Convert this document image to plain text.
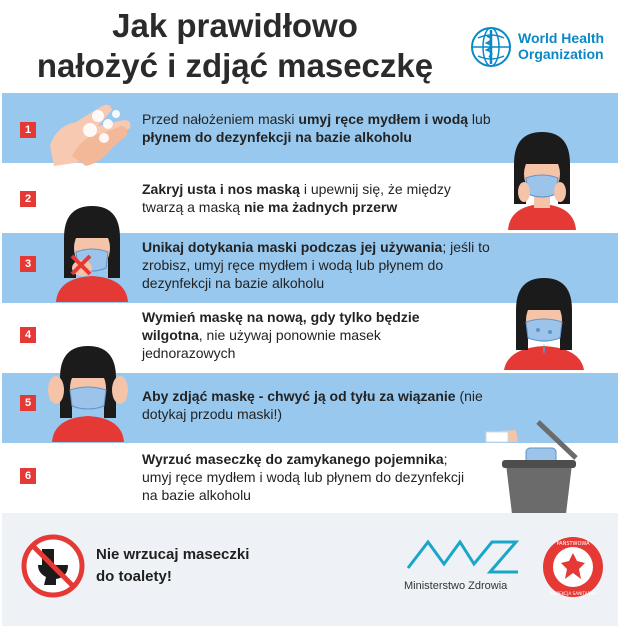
Jak prawidłowo
nałożyć i zdjąć maseczkę
World Health
Organization
1
Przed nałożeniem maski umyj ręce mydłem i wodą lub płynem do dezynfekcji na bazie alkoholu
2
Zakryj usta i nos maską i upewnij się, że między twarzą a maską nie ma żadnych przerw
3
Unikaj dotykania maski podczas jej używania; jeśli to zrobisz, umyj ręce mydłem i wodą lub płynem do dezynfekcji na bazie alkoholu
4
Wymień maskę na nową, gdy tylko będzie wilgotna, nie używaj ponownie masek jednorazowych
5	Aby zdjąć maskę - chwyć ją od tyłu za wiązanie (nie dotykaj przodu maski!)
6
Wyrzuć maseczkę do zamykanego pojemnika; umyj ręce mydłem i wodą lub płynem do dezynfekcji na bazie alkoholu
Nie wrzucaj maseczki
do toalety!
Ministerstwo Zdrowia
PAŃSTWOWA
INSPEKCJA SANITARNA
